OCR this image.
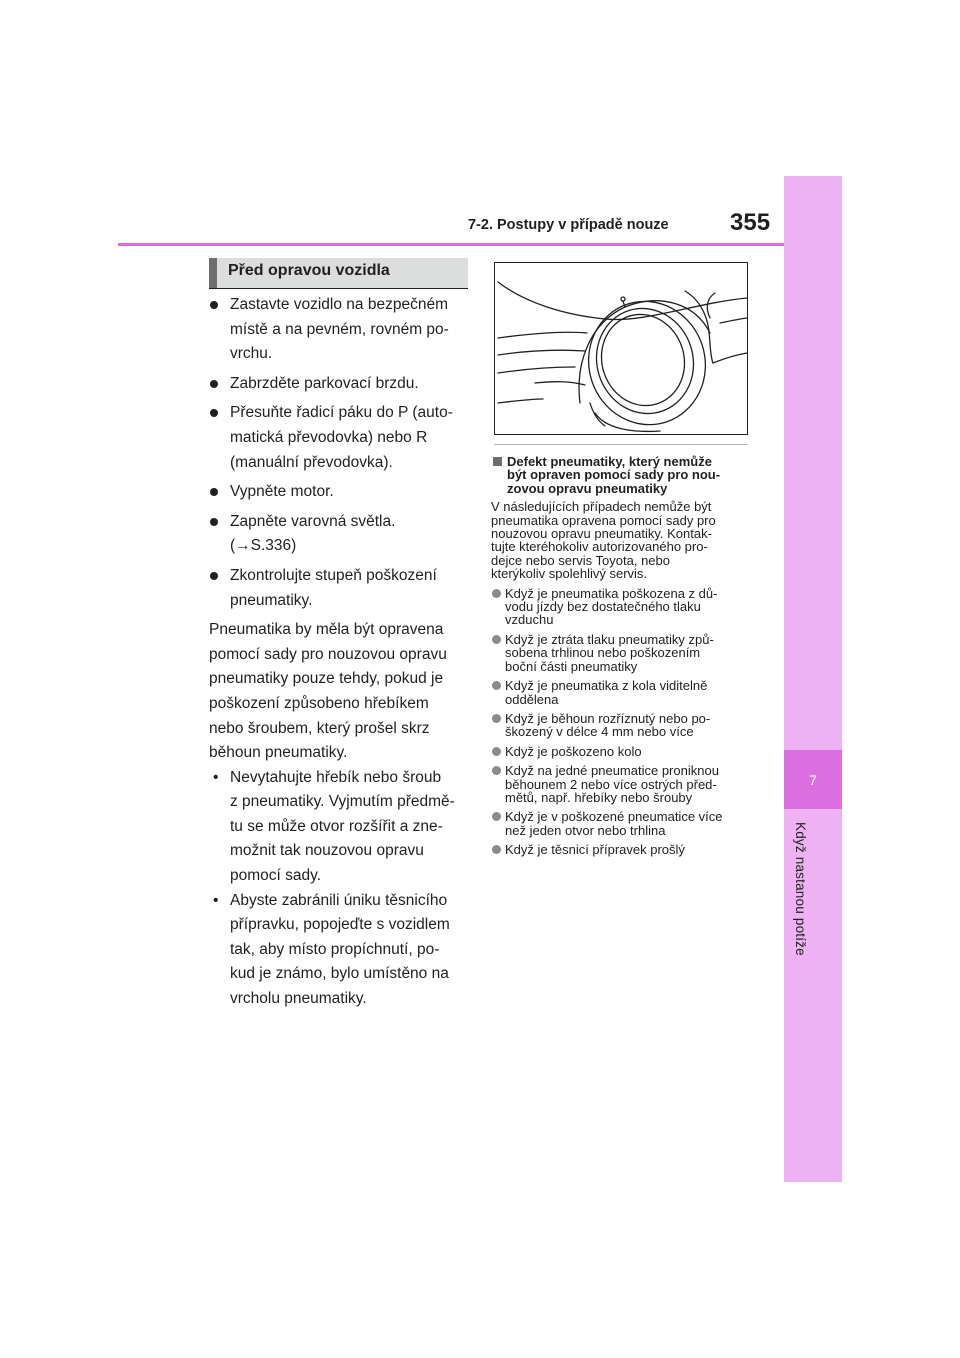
7
Když nastanou potíže
7-2. Postupy v případě nouze	355
Před opravou vozidla
Zastavte vozidlo na bezpečném
místě a na pevném, rovném po-
vrchu.
Zabrzděte parkovací brzdu.
Přesuňte řadicí páku do P (auto-
matická převodovka) nebo R
(manuální převodovka).
Vypněte motor.
Zapněte varovná světla.
(→S.336)
Zkontrolujte stupeň poškození
pneumatiky.
Pneumatika by měla být opravena
pomocí sady pro nouzovou opravu
pneumatiky pouze tehdy, pokud je
poškození způsobeno hřebíkem
nebo šroubem, který prošel skrz
běhoun pneumatiky.
• Nevytahujte hřebík nebo šroub
z pneumatiky. Vyjmutím předmě-
tu se může otvor rozšířit a zne-
možnit tak nouzovou opravu
pomocí sady.
• Abyste zabránili úniku těsnicího
přípravku, popojeďte s vozidlem
tak, aby místo propíchnutí, po-
kud je známo, bylo umístěno na
vrcholu pneumatiky.
Defekt pneumatiky, který nemůže
být opraven pomocí sady pro nou-
zovou opravu pneumatiky
V následujících případech nemůže být
pneumatika opravena pomocí sady pro
nouzovou opravu pneumatiky. Kontak-
tujte kteréhokoliv autorizovaného pro-
dejce nebo servis Toyota, nebo
kterýkoliv spolehlivý servis.
Když je pneumatika poškozena z dů-
vodu jízdy bez dostatečného tlaku
vzduchu
Když je ztráta tlaku pneumatiky způ-
sobena trhlinou nebo poškozením
boční části pneumatiky
Když je pneumatika z kola viditelně
oddělena
Když je běhoun rozříznutý nebo po-
škozený v délce 4 mm nebo více
Když je poškozeno kolo
Když na jedné pneumatice proniknou
běhounem 2 nebo více ostrých před-
mětů, např. hřebíky nebo šrouby
Když je v poškozené pneumatice více
než jeden otvor nebo trhlina
Když je těsnicí přípravek prošlý
